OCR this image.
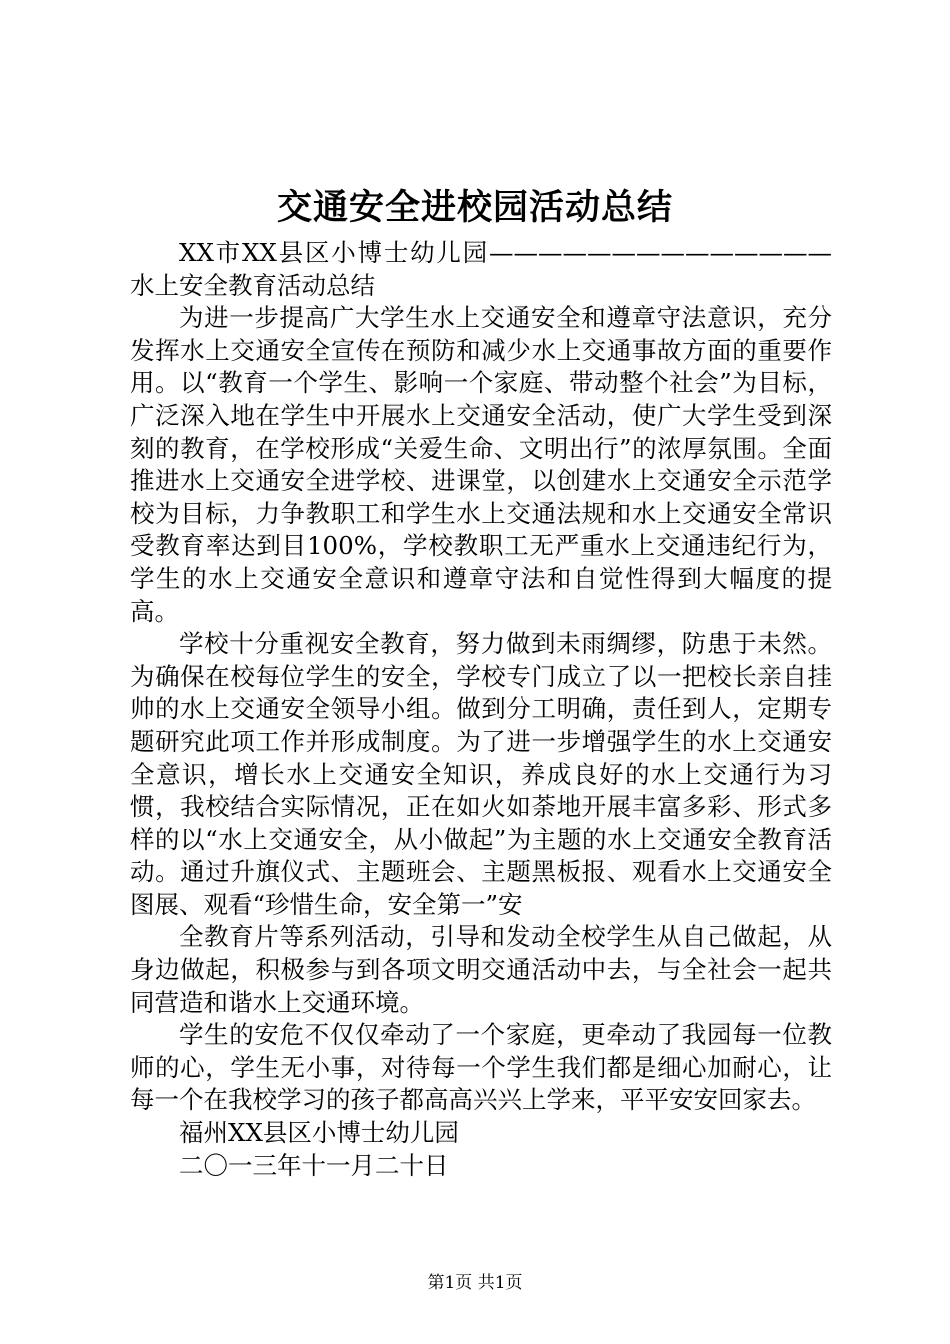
交通安全进校园活动总结

XX市XX县区小博士幼儿园——————————————水上安全教育活动总结

为进一步提高广大学生水上交通安全和遵章守法意识，充分发挥水上交通安全宣传在预防和减少水上交通事故方面的重要作用。以“教育一个学生、影响一个家庭、带动整个社会”为目标，广泛深入地在学生中开展水上交通安全活动，使广大学生受到深刻的教育，在学校形成“关爱生命、文明出行”的浓厚氛围。全面推进水上交通安全进学校、进课堂，以创建水上交通安全示范学校为目标，力争教职工和学生水上交通法规和水上交通安全常识受教育率达到目100%，学校教职工无严重水上交通违纪行为，学生的水上交通安全意识和遵章守法和自觉性得到大幅度的提高。

学校十分重视安全教育，努力做到未雨绸缪，防患于未然。为确保在校每位学生的安全，学校专门成立了以一把校长亲自挂帅的水上交通安全领导小组。做到分工明确，责任到人，定期专题研究此项工作并形成制度。为了进一步增强学生的水上交通安全意识，增长水上交通安全知识，养成良好的水上交通行为习惯，我校结合实际情况，正在如火如荼地开展丰富多彩、形式多样的以“水上交通安全，从小做起”为主题的水上交通安全教育活动。通过升旗仪式、主题班会、主题黑板报、观看水上交通安全图展、观看“珍惜生命，安全第一”安

全教育片等系列活动，引导和发动全校学生从自己做起，从身边做起，积极参与到各项文明交通活动中去，与全社会一起共同营造和谐水上交通环境。

学生的安危不仅仅牵动了一个家庭，更牵动了我园每一位教师的心，学生无小事，对待每一个学生我们都是细心加耐心，让每一个在我校学习的孩子都高高兴兴上学来，平平安安回家去。

福州XX县区小博士幼儿园

二〇一三年十一月二十日

第1页 共1页
